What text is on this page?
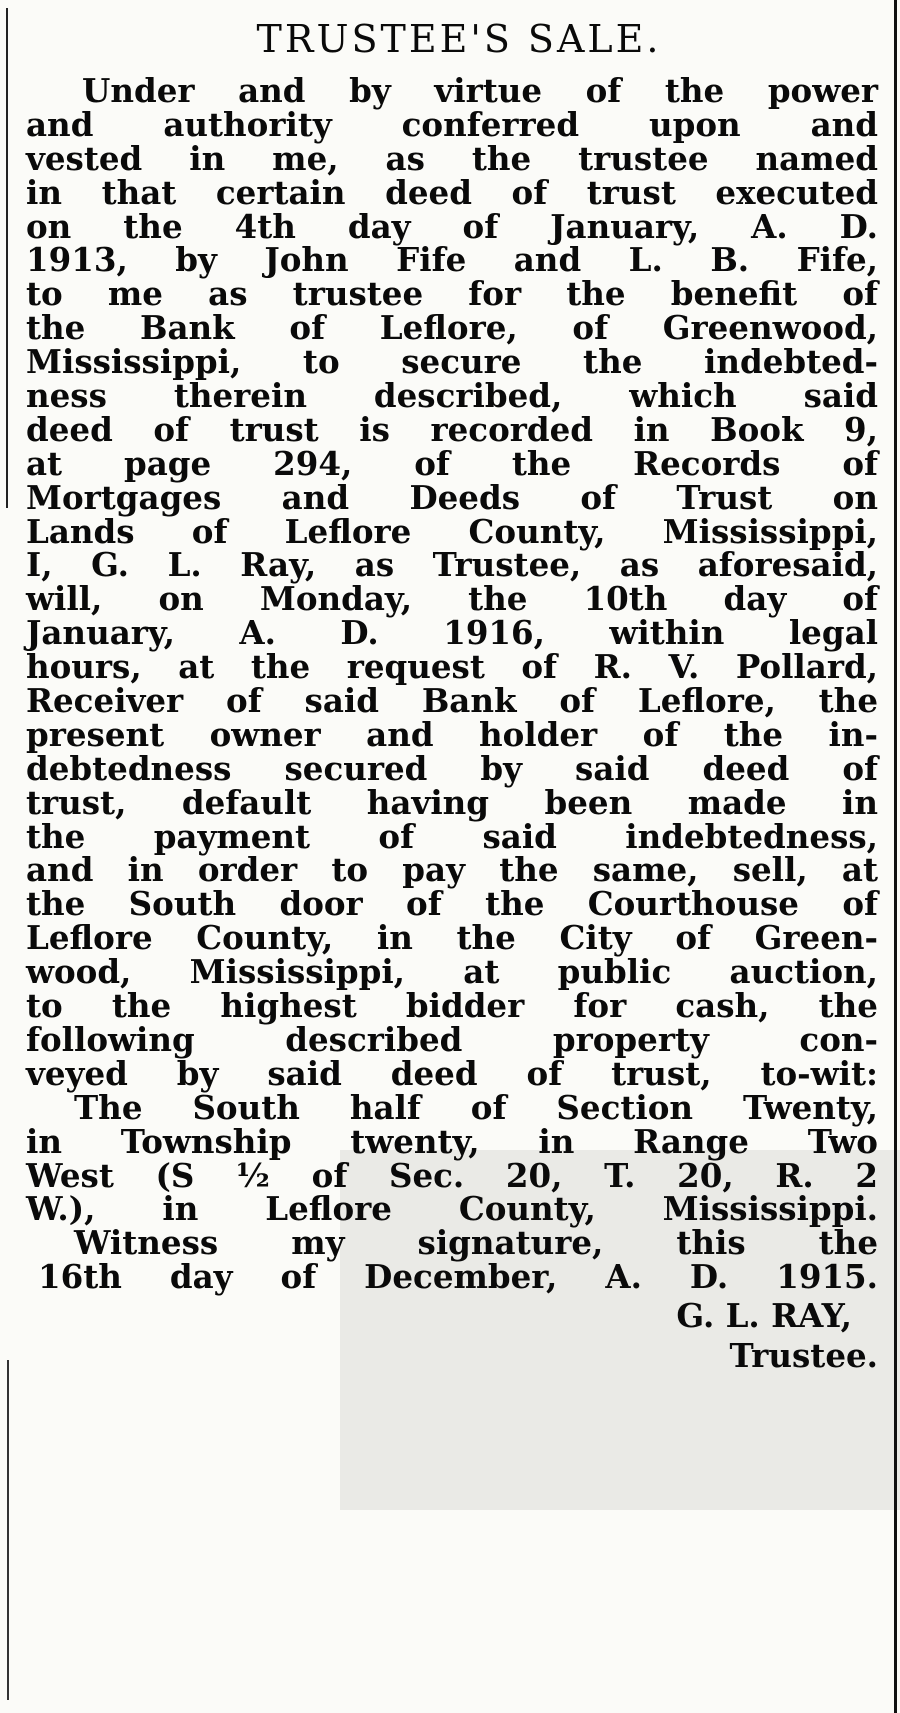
TRUSTEE'S SALE.
Under and by virtue of the power
and authority conferred upon and
vested in me, as the trustee named
in that certain deed of trust executed
on the 4th day of January, A. D.
1913, by John Fife and L. B. Fife,
to me as trustee for the benefit of
the Bank of Leflore, of Greenwood,
Mississippi, to secure the indebted-
ness therein described, which said
deed of trust is recorded in Book 9,
at page 294, of the Records of
Mortgages and Deeds of Trust on
Lands of Leflore County, Mississippi,
I, G. L. Ray, as Trustee, as aforesaid,
will, on Monday, the 10th day of
January, A. D. 1916, within legal
hours, at the request of R. V. Pollard,
Receiver of said Bank of Leflore, the
present owner and holder of the in-
debtedness secured by said deed of
trust, default having been made in
the payment of said indebtedness,
and in order to pay the same, sell, at
the South door of the Courthouse of
Leflore County, in the City of Green-
wood, Mississippi, at public auction,
to the highest bidder for cash, the
following described property con-
veyed by said deed of trust, to-wit:
The South half of Section Twenty,
in Township twenty, in Range Two
West (S ½ of Sec. 20, T. 20, R. 2
W.), in Leflore County, Mississippi.
Witness my signature, this the
16th day of December, A. D. 1915.
G. L. RAY,
Trustee.
